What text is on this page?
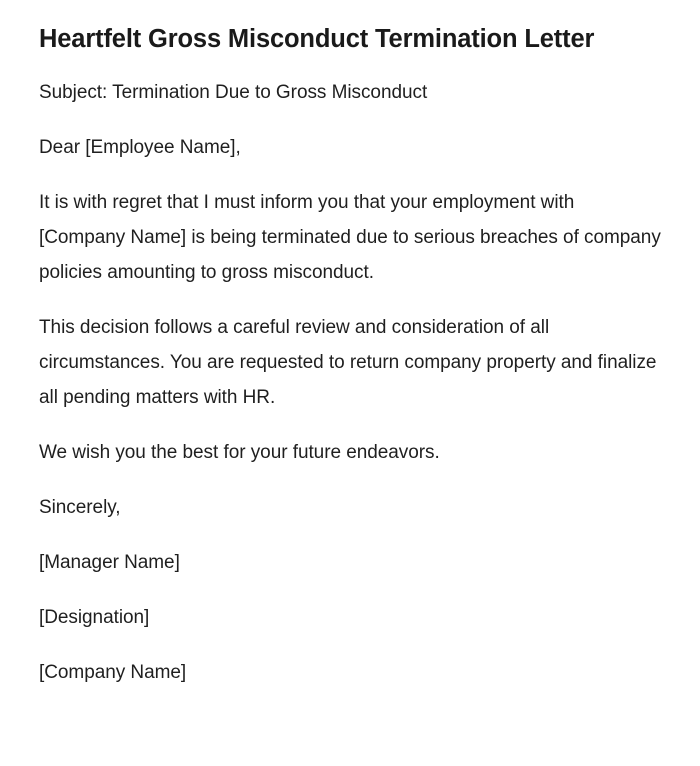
Heartfelt Gross Misconduct Termination Letter

Subject: Termination Due to Gross Misconduct

Dear [Employee Name],

It is with regret that I must inform you that your employment with [Company Name] is being terminated due to serious breaches of company policies amounting to gross misconduct.

This decision follows a careful review and consideration of all circumstances. You are requested to return company property and finalize all pending matters with HR.

We wish you the best for your future endeavors.

Sincerely,

[Manager Name]

[Designation]

[Company Name]
